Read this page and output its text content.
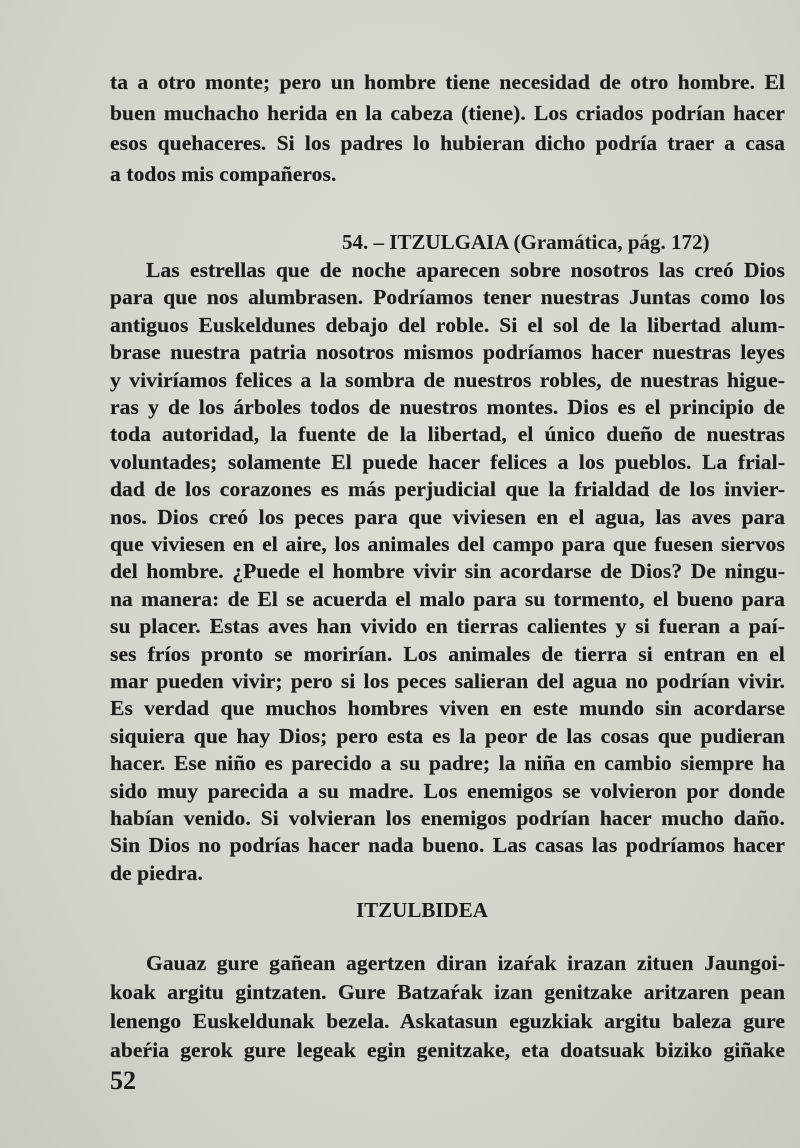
ta a otro monte; pero un hombre tiene necesidad de otro hombre. El
buen muchacho herida en la cabeza (tiene). Los criados podrían hacer
esos quehaceres. Si los padres lo hubieran dicho podría traer a casa
a todos mis compañeros.
54. – ITZULGAIA (Gramática, pág. 172)
Las estrellas que de noche aparecen sobre nosotros las creó Dios
para que nos alumbrasen. Podríamos tener nuestras Juntas como los
antiguos Euskeldunes debajo del roble. Si el sol de la libertad alum-
brase nuestra patria nosotros mismos podríamos hacer nuestras leyes
y viviríamos felices a la sombra de nuestros robles, de nuestras higue-
ras y de los árboles todos de nuestros montes. Dios es el principio de
toda autoridad, la fuente de la libertad, el único dueño de nuestras
voluntades; solamente El puede hacer felices a los pueblos. La frial-
dad de los corazones es más perjudicial que la frialdad de los invier-
nos. Dios creó los peces para que viviesen en el agua, las aves para
que viviesen en el aire, los animales del campo para que fuesen siervos
del hombre. ¿Puede el hombre vivir sin acordarse de Dios? De ningu-
na manera: de El se acuerda el malo para su tormento, el bueno para
su placer. Estas aves han vivido en tierras calientes y si fueran a paí-
ses fríos pronto se morirían. Los animales de tierra si entran en el
mar pueden vivir; pero si los peces salieran del agua no podrían vivir.
Es verdad que muchos hombres viven en este mundo sin acordarse
siquiera que hay Dios; pero esta es la peor de las cosas que pudieran
hacer. Ese niño es parecido a su padre; la niña en cambio siempre ha
sido muy parecida a su madre. Los enemigos se volvieron por donde
habían venido. Si volvieran los enemigos podrían hacer mucho daño.
Sin Dios no podrías hacer nada bueno. Las casas las podríamos hacer
de piedra.
ITZULBIDEA
Gauaz gure gañean agertzen diran izaŕak irazan zituen Jaungoi-
koak argitu gintzaten. Gure Batzaŕak izan genitzake aritzaren pean
lenengo Euskeldunak bezela. Askatasun eguzkiak argitu baleza gure
abeŕia gerok gure legeak egin genitzake, eta doatsuak biziko giñake
52
